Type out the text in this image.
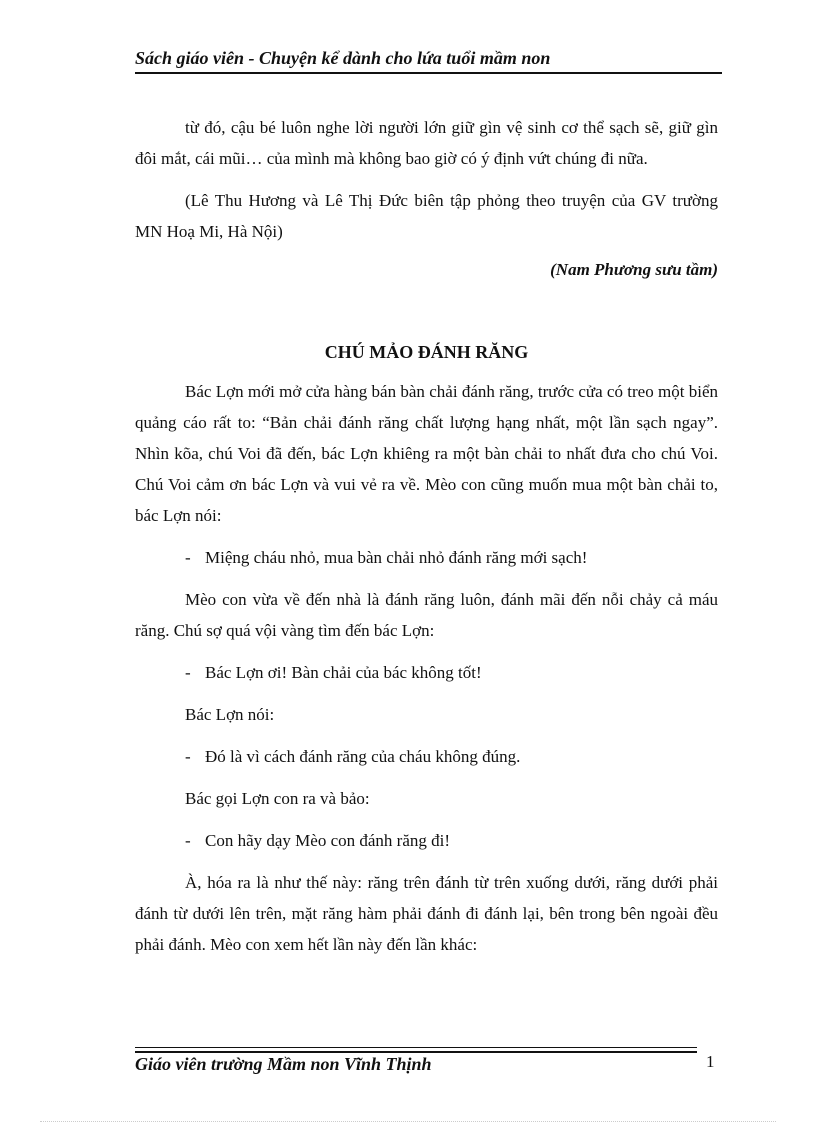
Sách giáo viên - Chuyện kể dành cho lứa tuổi mầm non

từ đó, cậu bé luôn nghe lời người lớn giữ gìn vệ sinh cơ thể sạch sẽ, giữ gìn đôi mắt, cái mũi… của mình mà không bao giờ có ý định vứt chúng đi nữa.

(Lê Thu Hương và Lê Thị Đức biên tập phỏng theo truyện của GV trường MN Hoạ Mi, Hà Nội)

(Nam Phương sưu tầm)

CHÚ MẢO ĐÁNH RĂNG

Bác Lợn mới mở cửa hàng bán bàn chải đánh răng, trước cửa có treo một biển quảng cáo rất to: “Bản chải đánh răng chất lượng hạng nhất, một lần sạch ngay”. Nhìn kõa, chú Voi đã đến, bác Lợn khiêng ra một bàn chải to nhất đưa cho chú Voi. Chú Voi cảm ơn bác Lợn và vui vẻ ra về. Mèo con cũng muốn mua một bàn chải to, bác Lợn nói:

- Miệng cháu nhỏ, mua bàn chải nhỏ đánh răng mới sạch!

Mèo con vừa về đến nhà là đánh răng luôn, đánh mãi đến nỗi chảy cả máu răng. Chú sợ quá vội vàng tìm đến bác Lợn:

- Bác Lợn ơi! Bàn chải của bác không tốt!

Bác Lợn nói:

- Đó là vì cách đánh răng của cháu không đúng.

Bác gọi Lợn con ra và bảo:

- Con hãy dạy Mèo con đánh răng đi!

À, hóa ra là như thế này: răng trên đánh từ trên xuống dưới, răng dưới phải đánh từ dưới lên trên, mặt răng hàm phải đánh đi đánh lại, bên trong bên ngoài đều phải đánh. Mèo con xem hết lần này đến lần khác:

Giáo viên trường Mầm non Vĩnh Thịnh	1
